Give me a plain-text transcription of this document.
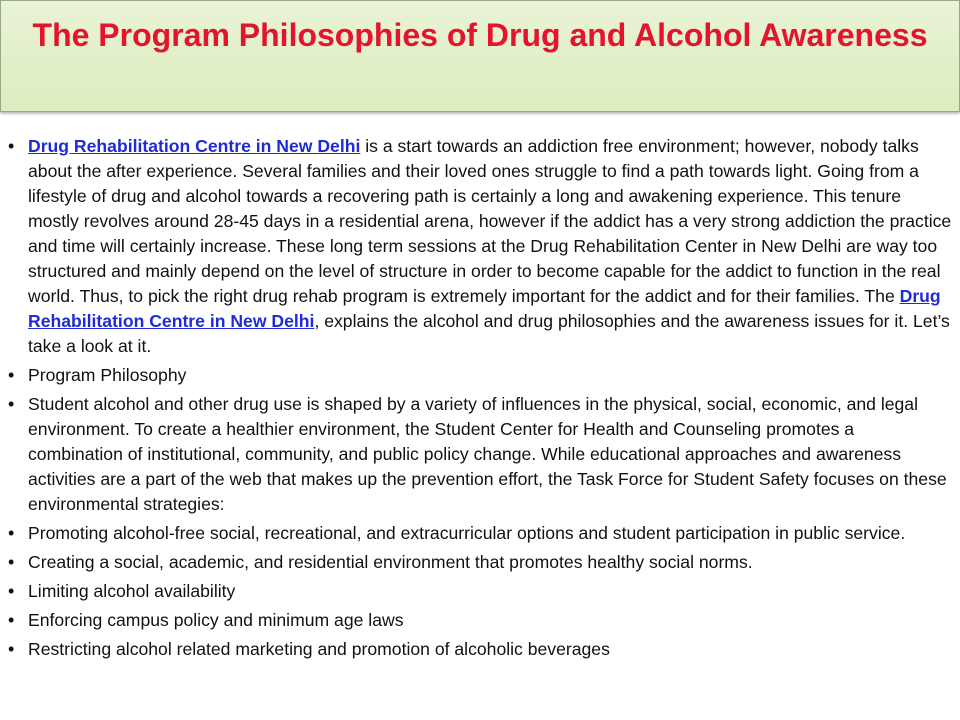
The Program Philosophies of Drug and Alcohol Awareness
• Drug Rehabilitation Centre in New Delhi is a start towards an addiction free environment; however, nobody talks about the after experience. Several families and their loved ones struggle to find a path towards light. Going from a lifestyle of drug and alcohol towards a recovering path is certainly a long and awakening experience. This tenure mostly revolves around 28-45 days in a residential arena, however if the addict has a very strong addiction the practice and time will certainly increase. These long term sessions at the Drug Rehabilitation Center in New Delhi are way too structured and mainly depend on the level of structure in order to become capable for the addict to function in the real world. Thus, to pick the right drug rehab program is extremely important for the addict and for their families. The Drug Rehabilitation Centre in New Delhi, explains the alcohol and drug philosophies and the awareness issues for it. Let’s take a look at it.
• Program Philosophy
• Student alcohol and other drug use is shaped by a variety of influences in the physical, social, economic, and legal environment. To create a healthier environment, the Student Center for Health and Counseling promotes a combination of institutional, community, and public policy change. While educational approaches and awareness activities are a part of the web that makes up the prevention effort, the Task Force for Student Safety focuses on these environmental strategies:
• Promoting alcohol-free social, recreational, and extracurricular options and student participation in public service.
• Creating a social, academic, and residential environment that promotes healthy social norms.
• Limiting alcohol availability
• Enforcing campus policy and minimum age laws
• Restricting alcohol related marketing and promotion of alcoholic beverages
